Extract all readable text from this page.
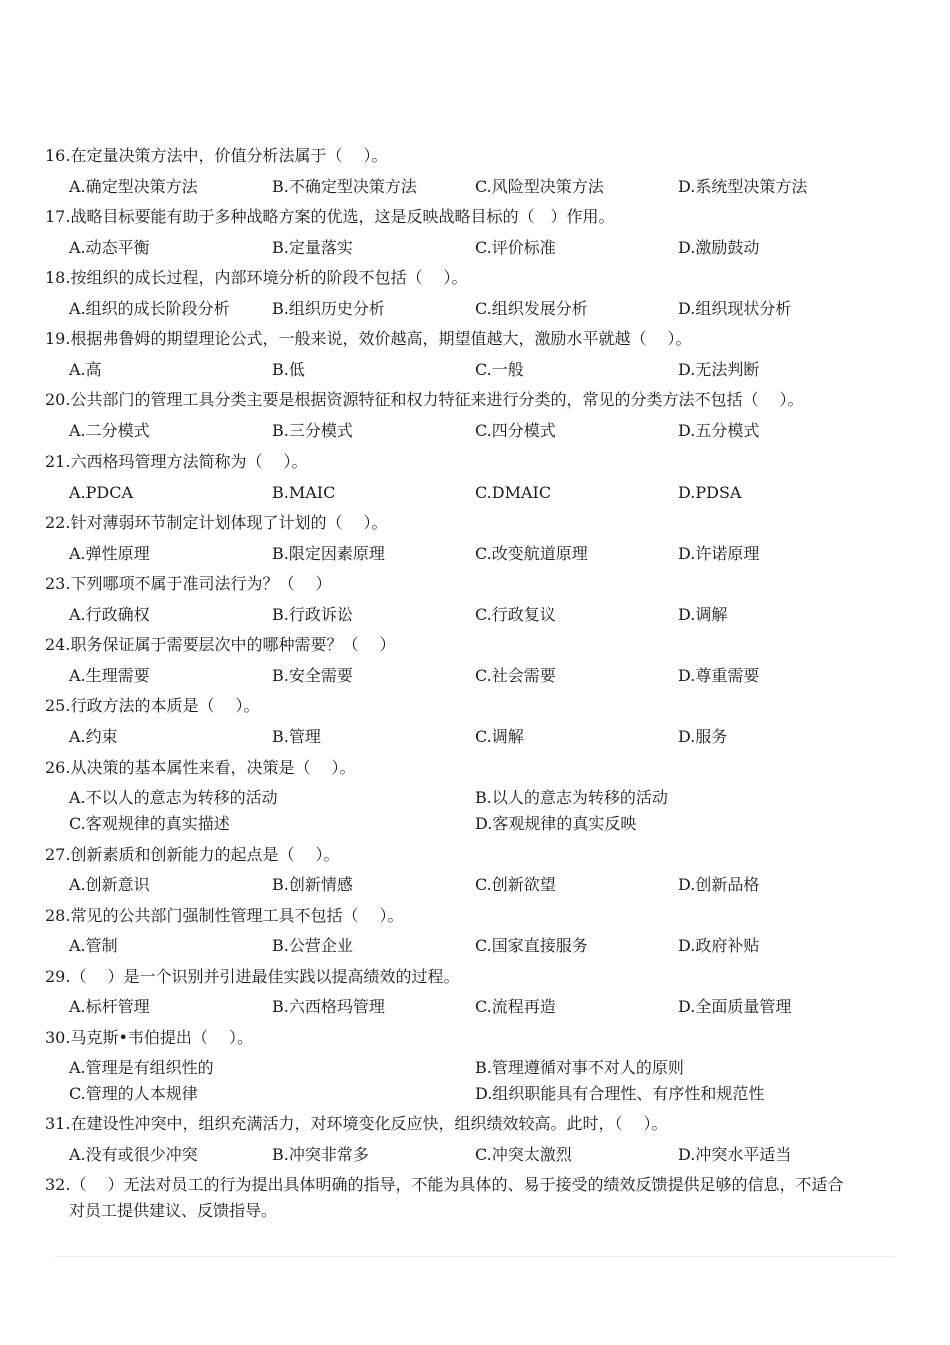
16.在定量决策方法中，价值分析法属于（　 ）。
A.确定型决策方法	B.不确定型决策方法	C.风险型决策方法	D.系统型决策方法
17.战略目标要能有助于多种战略方案的优选，这是反映战略目标的（　）作用。
A.动态平衡	B.定量落实	C.评价标准	D.激励鼓动
18.按组织的成长过程，内部环境分析的阶段不包括（　 ）。
A.组织的成长阶段分析	B.组织历史分析	C.组织发展分析	D.组织现状分析
19.根据弗鲁姆的期望理论公式，一般来说，效价越高，期望值越大，激励水平就越（　 ）。
A.高	B.低	C.一般	D.无法判断
20.公共部门的管理工具分类主要是根据资源特征和权力特征来进行分类的，常见的分类方法不包括（　 ）。
A.二分模式	B.三分模式	C.四分模式	D.五分模式
21.六西格玛管理方法简称为（　 ）。
A.PDCA	B.MAIC	C.DMAIC	D.PDSA
22.针对薄弱环节制定计划体现了计划的（　 ）。
A.弹性原理	B.限定因素原理	C.改变航道原理	D.许诺原理
23.下列哪项不属于准司法行为？（　 ）
A.行政确权	B.行政诉讼	C.行政复议	D.调解
24.职务保证属于需要层次中的哪种需要？（　 ）
A.生理需要	B.安全需要	C.社会需要	D.尊重需要
25.行政方法的本质是（　 ）。
A.约束	B.管理	C.调解	D.服务
26.从决策的基本属性来看，决策是（　 ）。
A.不以人的意志为转移的活动	B.以人的意志为转移的活动
C.客观规律的真实描述	D.客观规律的真实反映
27.创新素质和创新能力的起点是（　 ）。
A.创新意识	B.创新情感	C.创新欲望	D.创新品格
28.常见的公共部门强制性管理工具不包括（　 ）。
A.管制	B.公营企业	C.国家直接服务	D.政府补贴
29.（　 ）是一个识别并引进最佳实践以提高绩效的过程。
A.标杆管理	B.六西格玛管理	C.流程再造	D.全面质量管理
30.马克斯•韦伯提出（　 ）。
A.管理是有组织性的	B.管理遵循对事不对人的原则
C.管理的人本规律	D.组织职能具有合理性、有序性和规范性
31.在建设性冲突中，组织充满活力，对环境变化反应快，组织绩效较高。此时，（　 ）。
A.没有或很少冲突	B.冲突非常多	C.冲突太激烈	D.冲突水平适当
32.（　 ）无法对员工的行为提出具体明确的指导，不能为具体的、易于接受的绩效反馈提供足够的信息，不适合
对员工提供建议、反馈指导。
